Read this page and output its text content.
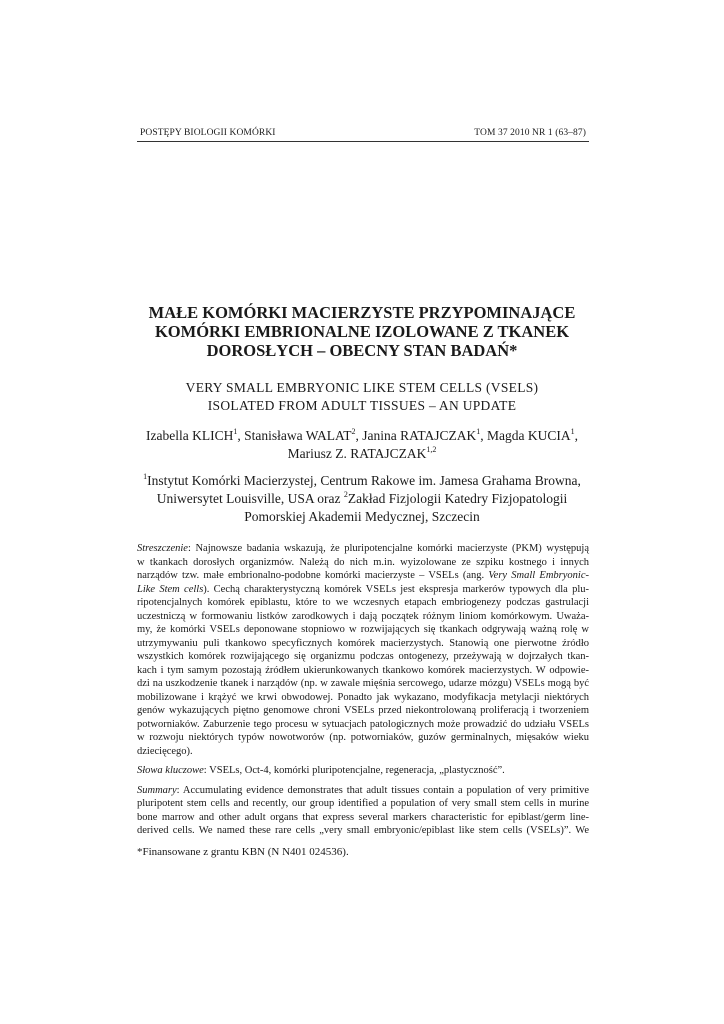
POSTĘPY BIOLOGII KOMÓRKI	TOM 37 2010 NR 1 (63–87)
MAŁE KOMÓRKI MACIERZYSTE PRZYPOMINAJĄCE
KOMÓRKI EMBRIONALNE IZOLOWANE Z TKANEK
DOROSŁYCH – OBECNY STAN BADAŃ*
VERY SMALL EMBRYONIC LIKE STEM CELLS (VSELS)
ISOLATED FROM ADULT TISSUES – AN UPDATE
Izabella KLICH$^1$, Stanisława WALAT$^2$, Janina RATAJCZAK$^1$, Magda KUCIA$^1$,
Mariusz Z. RATAJCZAK$^{1,2}$
$^1$Instytut Komórki Macierzystej, Centrum Rakowe im. Jamesa Grahama Browna,
Uniwersytet Louisville, USA oraz $^2$Zakład Fizjologii Katedry Fizjopatologii
Pomorskiej Akademii Medycznej, Szczecin

Streszczenie: Najnowsze badania wskazują, że pluripotencjalne komórki macierzyste (PKM) występują
w tkankach dorosłych organizmów. Należą do nich m.in. wyizolowane ze szpiku kostnego i innych
narządów tzw. małe embrionalno-podobne komórki macierzyste – VSELs (ang. Very Small Embryonic-
Like Stem cells). Cechą charakterystyczną komórek VSELs jest ekspresja markerów typowych dla plu-
ripotencjalnych komórek epiblastu, które to we wczesnych etapach embriogenezy podczas gastrulacji
uczestniczą w formowaniu listków zarodkowych i dają początek różnym liniom komórkowym. Uważa-
my, że komórki VSELs deponowane stopniowo w rozwijających się tkankach odgrywają ważną rolę w
utrzymywaniu puli tkankowo specyficznych komórek macierzystych. Stanowią one pierwotne źródło
wszystkich komórek rozwijającego się organizmu podczas ontogenezy, przeżywają w dojrzałych tkan-
kach i tym samym pozostają źródłem ukierunkowanych tkankowo komórek macierzystych. W odpowie-
dzi na uszkodzenie tkanek i narządów (np. w zawale mięśnia sercowego, udarze mózgu) VSELs mogą być
mobilizowane i krążyć we krwi obwodowej. Ponadto jak wykazano, modyfikacja metylacji niektórych
genów wykazujących piętno genomowe chroni VSELs przed niekontrolowaną proliferacją i tworzeniem
potworniaków. Zaburzenie tego procesu w sytuacjach patologicznych może prowadzić do udziału VSELs
w rozwoju niektórych typów nowotworów (np. potworniaków, guzów germinalnych, mięsaków wieku
dziecięcego).

Słowa kluczowe: VSELs, Oct-4, komórki pluripotencjalne, regeneracja, „plastyczność”.

Summary: Accumulating evidence demonstrates that adult tissues contain a population of very primitive
pluripotent stem cells and recently, our group identified a population of very small stem cells in murine
bone marrow and other adult organs that express several markers characteristic for epiblast/germ line-
derived cells. We named these rare cells „very small embryonic/epiblast like stem cells (VSELs)”. We

*Finansowane z grantu KBN (N N401 024536).
